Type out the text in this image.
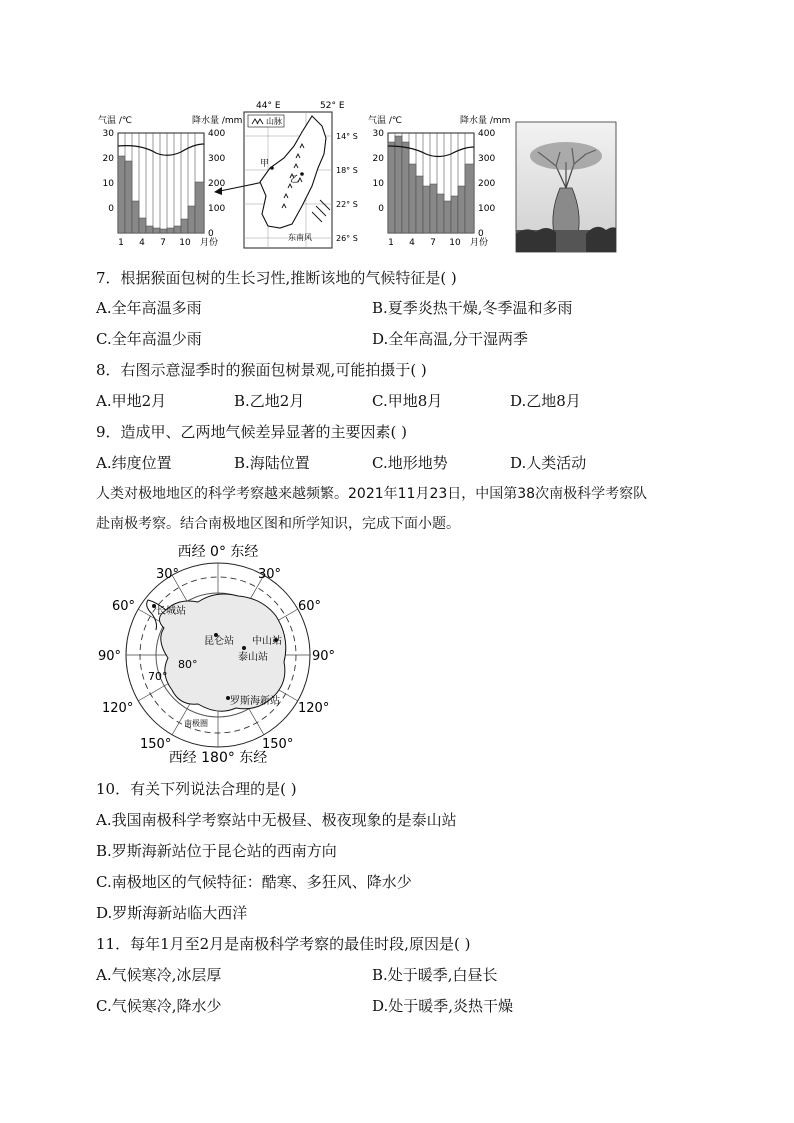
气温 /℃	降水量 /mm
30
20
10
0
400
300
200
100
0
1 4 7 10 月份
44° E	52° E
山脉
甲
乙
东南风
14° S
18° S
22° S
26° S
气温 /℃	降水量 /mm
30
20
10
0
400
300
200
100
0
1 4 7 10 月份
7．根据猴面包树的生长习性,推断该地的气候特征是( )
A.全年高温多雨	B.夏季炎热干燥,冬季温和多雨
C.全年高温少雨	D.全年高温,分干湿两季
8．右图示意湿季时的猴面包树景观,可能拍摄于( )
A.甲地2月	B.乙地2月	C.甲地8月	D.乙地8月
9．造成甲、乙两地气候差异显著的主要因素( )
A.纬度位置	B.海陆位置	C.地形地势	D.人类活动
人类对极地地区的科学考察越来越频繁。2021年11月23日，中国第38次南极科学考察队
赴南极考察。结合南极地区图和所学知识，完成下面小题。
西经 0° 东经
西经 180° 东经
长城站
昆仑站 中山站
泰山站
罗斯海新站
南极圈
30°	30°
60°	60°
90°	90°
120°	120°
150°	150°
80°
70°
10．有关下列说法合理的是( )
A.我国南极科学考察站中无极昼、极夜现象的是泰山站
B.罗斯海新站位于昆仑站的西南方向
C.南极地区的气候特征：酷寒、多狂风、降水少
D.罗斯海新站临大西洋
11．每年1月至2月是南极科学考察的最佳时段,原因是( )
A.气候寒冷,冰层厚	B.处于暖季,白昼长
C.气候寒冷,降水少	D.处于暖季,炎热干燥
